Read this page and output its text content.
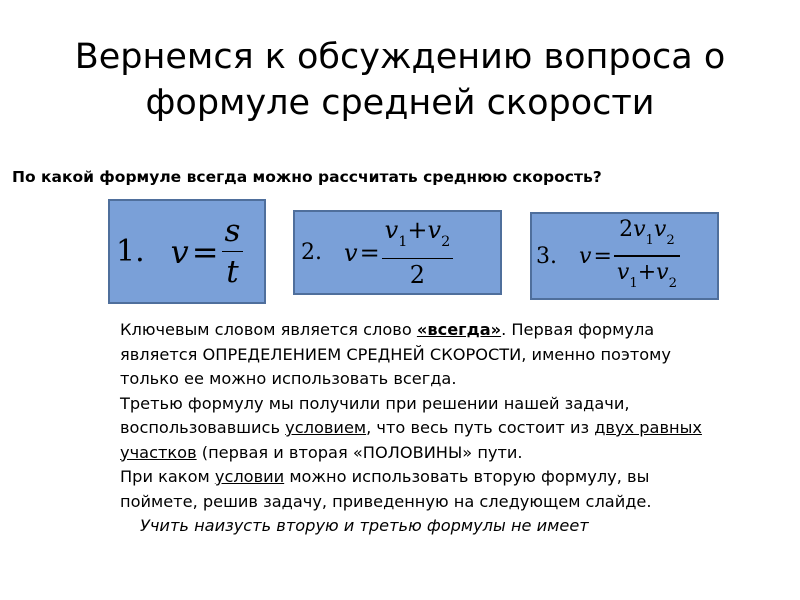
Вернемся к обсуждению вопроса о
формуле средней скорости
По какой формуле всегда можно рассчитать среднюю скорость?
1. $v = \frac{s}{t}$	2. $v = \frac{v_1+v_2}{2}$	3. $v = \frac{2v_1v_2}{v_1+v_2}$

Ключевым словом является слово «всегда». Первая формула является ОПРЕДЕЛЕНИЕМ СРЕДНЕЙ СКОРОСТИ, именно поэтому только ее можно использовать всегда.

Третью формулу мы получили при решении нашей задачи, воспользовавшись условием, что весь путь состоит из двух равных участков (первая и вторая «ПОЛОВИНЫ» пути.

При каком условии можно использовать вторую формулу, вы поймете, решив задачу, приведенную на следующем слайде.

Учить наизусть вторую и третью формулы не имеет
